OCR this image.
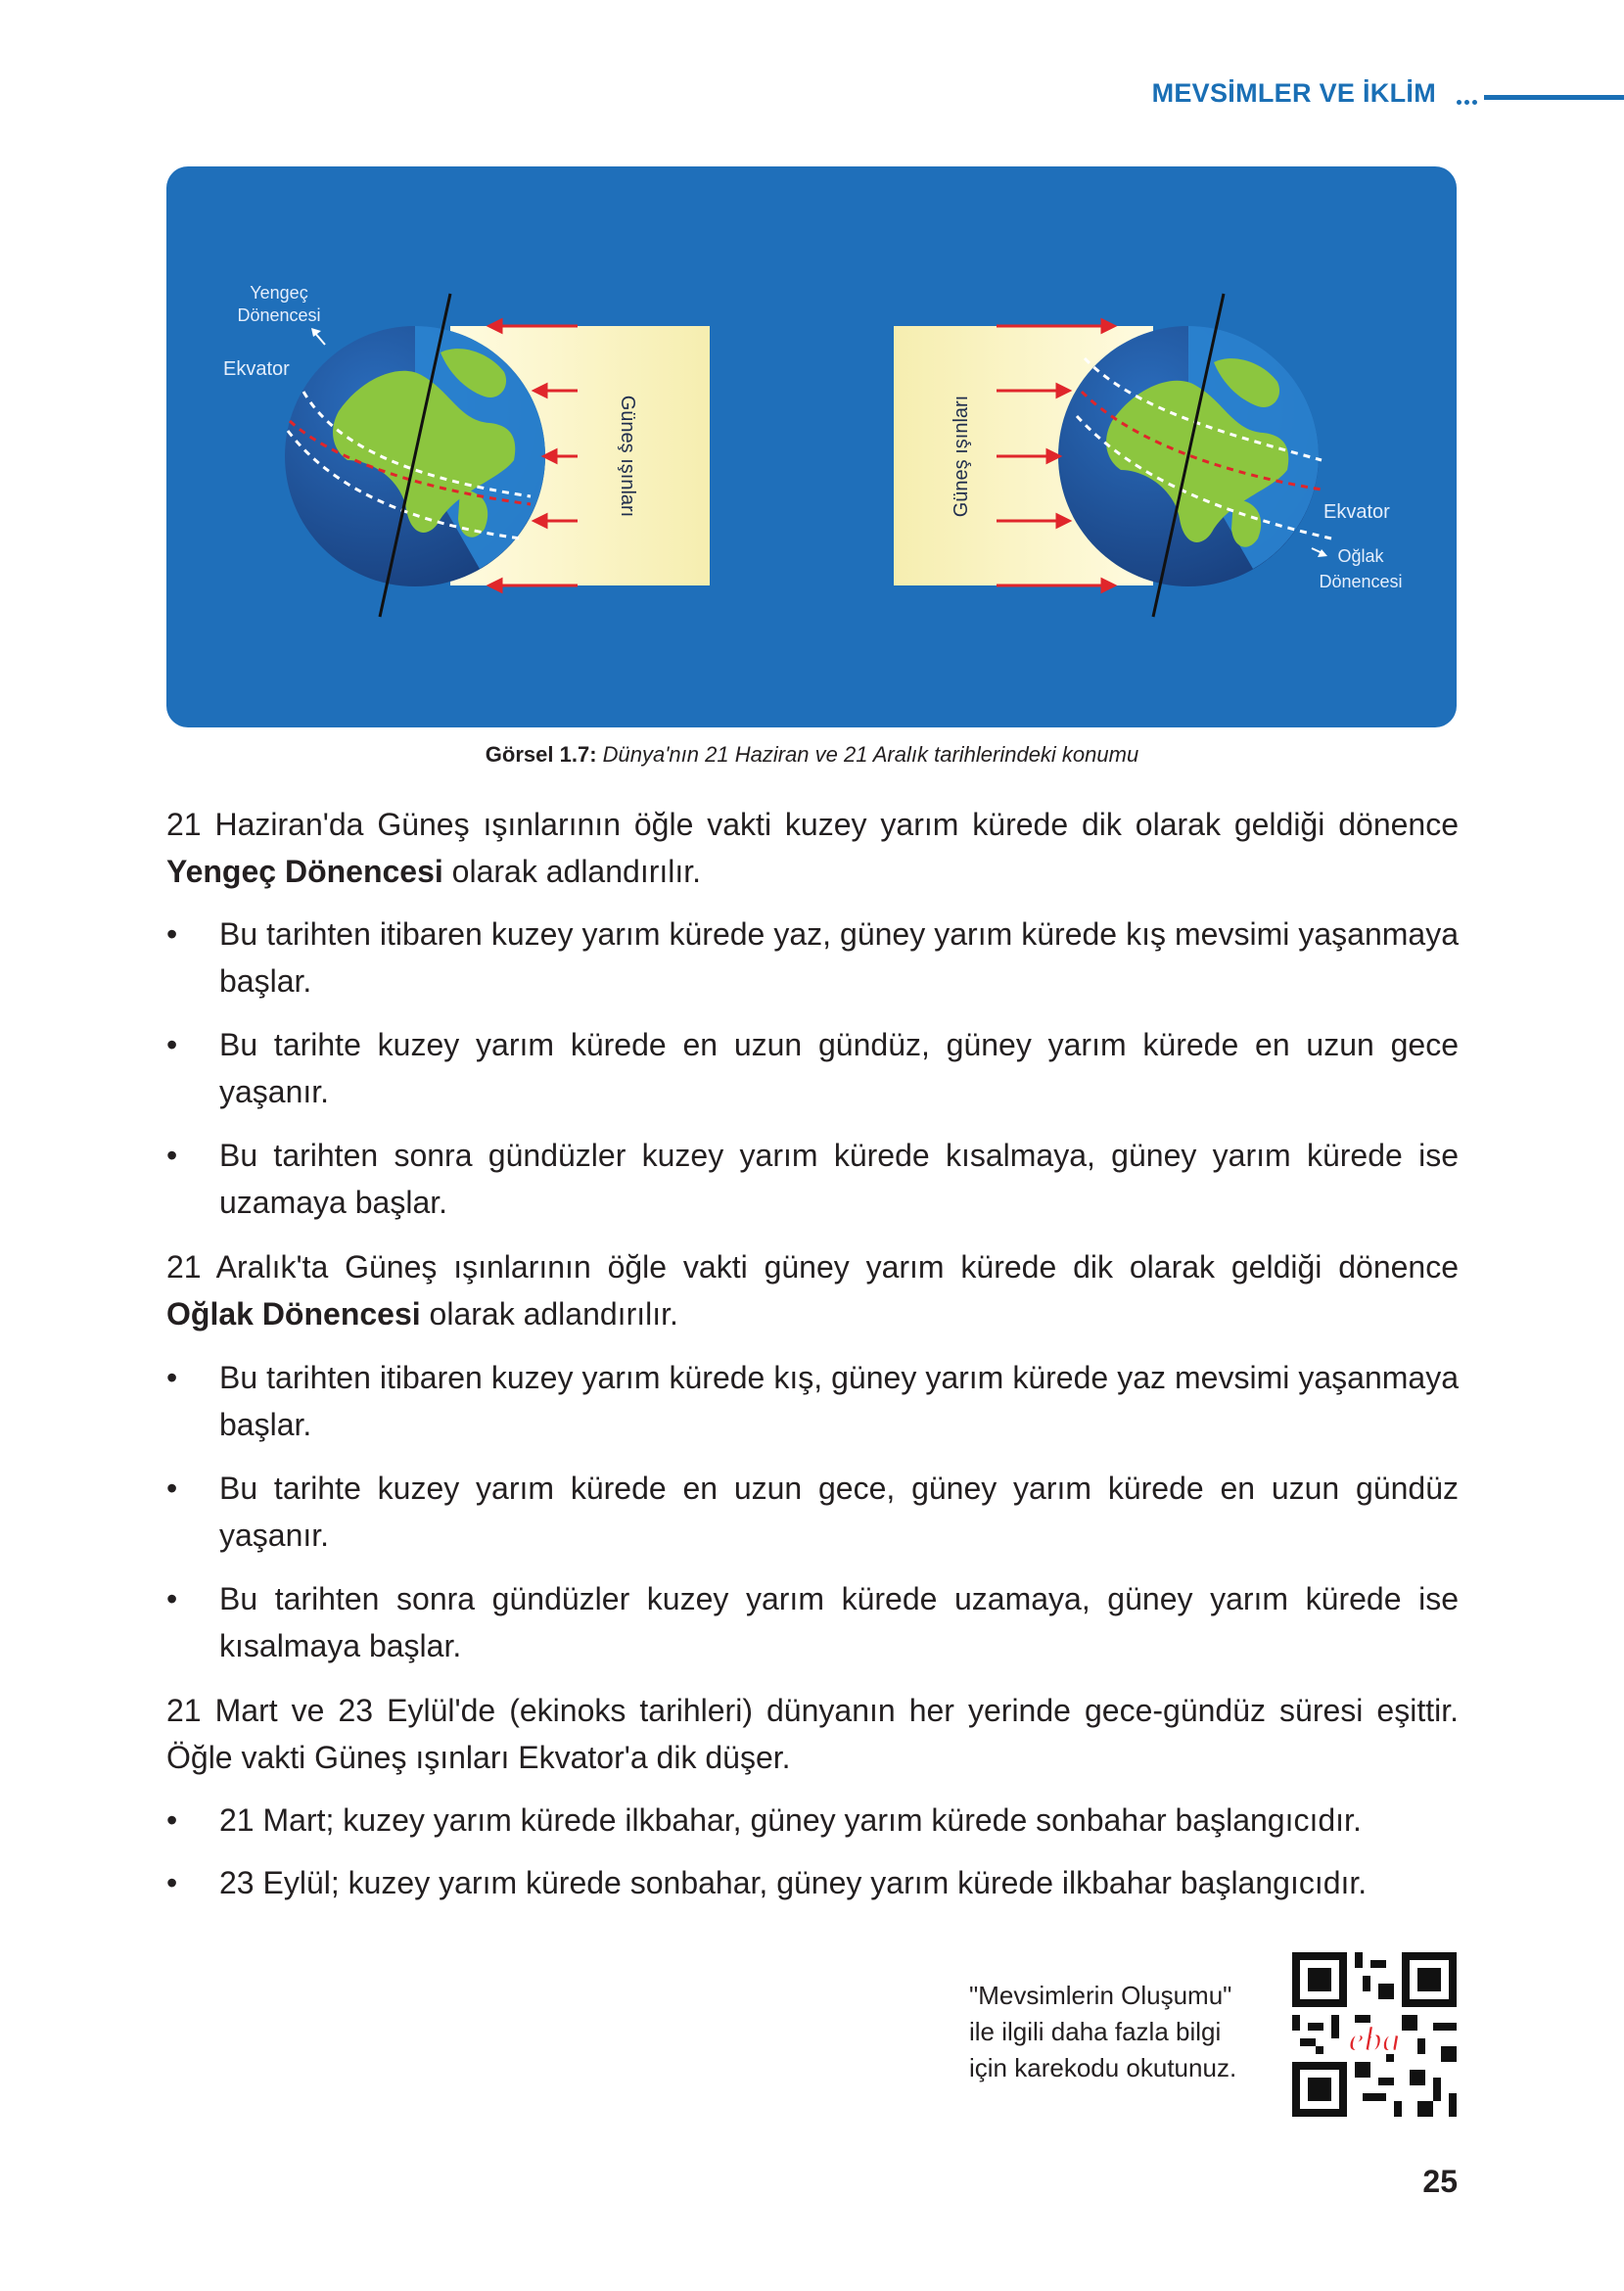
MEVSİMLER VE İKLİM
Güneş ışınları
Yengeç
Dönencesi
Ekvator
Güneş ışınları	Ekvator
Oğlak
Dönencesi
Görsel 1.7: Dünya'nın 21 Haziran ve 21 Aralık tarihlerindeki konumu
21 Haziran'da Güneş ışınlarının öğle vakti kuzey yarım kürede dik olarak geldiği dönence Yengeç Dönencesi olarak adlandırılır.
• Bu tarihten itibaren kuzey yarım kürede yaz, güney yarım kürede kış mevsimi yaşanmaya başlar.
• Bu tarihte kuzey yarım kürede en uzun gündüz, güney yarım kürede en uzun gece yaşanır.
• Bu tarihten sonra gündüzler kuzey yarım kürede kısalmaya, güney yarım kürede ise uzamaya başlar.
21 Aralık'ta Güneş ışınlarının öğle vakti güney yarım kürede dik olarak geldiği dönence Oğlak Dönencesi olarak adlandırılır.
• Bu tarihten itibaren kuzey yarım kürede kış, güney yarım kürede yaz mevsimi yaşanmaya başlar.
• Bu tarihte kuzey yarım kürede en uzun gece, güney yarım kürede en uzun gündüz yaşanır.
• Bu tarihten sonra gündüzler kuzey yarım kürede uzamaya, güney yarım kürede ise kısalmaya başlar.
21 Mart ve 23 Eylül'de (ekinoks tarihleri) dünyanın her yerinde gece-gündüz süresi eşittir. Öğle vakti Güneş ışınları Ekvator'a dik düşer.
• 21 Mart; kuzey yarım kürede ilkbahar, güney yarım kürede sonbahar başlangıcıdır.
• 23 Eylül; kuzey yarım kürede sonbahar, güney yarım kürede ilkbahar başlangıcıdır.
"Mevsimlerin Oluşumu"
ile ilgili daha fazla bilgi
için karekodu okutunuz.
eba
25
